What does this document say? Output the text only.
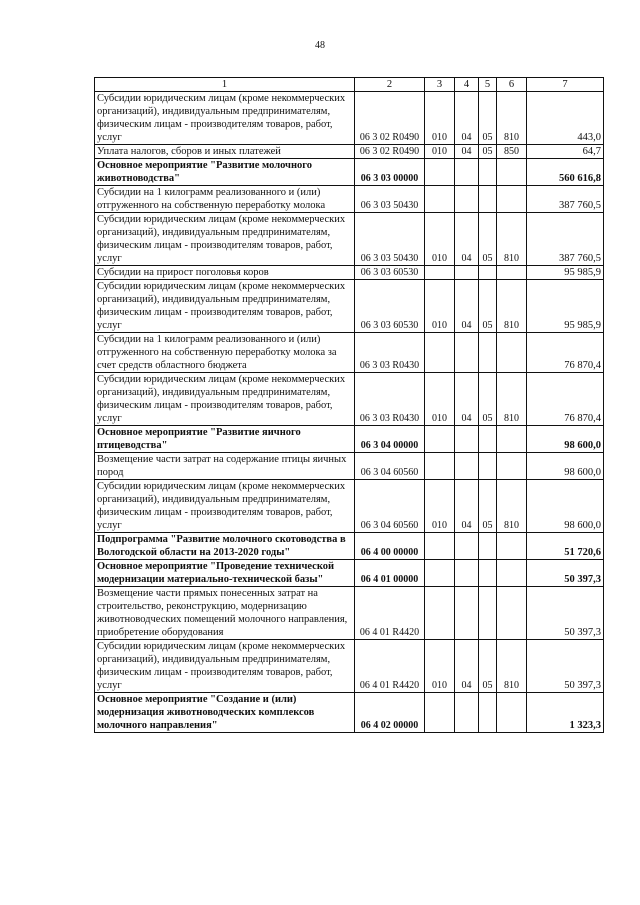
48
1	2	3	4	5	6	7
Субсидии юридическим лицам (кроме некоммерческих организаций), индивидуальным предпринимателям, физическим лицам - производителям товаров, работ, услуг	06 3 02 R0490	010	04	05	810	443,0
Уплата налогов, сборов и иных платежей	06 3 02 R0490	010	04	05	850	64,7
Основное мероприятие "Развитие молочного животноводства"	06 3 03 00000					560 616,8
Субсидии на 1 килограмм реализованного и (или) отгруженного на собственную переработку молока	06 3 03 50430					387 760,5
Субсидии юридическим лицам (кроме некоммерческих организаций), индивидуальным предпринимателям, физическим лицам - производителям товаров, работ, услуг	06 3 03 50430	010	04	05	810	387 760,5
Субсидии на прирост поголовья коров	06 3 03 60530					95 985,9
Субсидии юридическим лицам (кроме некоммерческих организаций), индивидуальным предпринимателям, физическим лицам - производителям товаров, работ, услуг	06 3 03 60530	010	04	05	810	95 985,9
Субсидии на 1 килограмм реализованного и (или) отгруженного на собственную переработку молока за счет средств областного бюджета	06 3 03 R0430					76 870,4
Субсидии юридическим лицам (кроме некоммерческих организаций), индивидуальным предпринимателям, физическим лицам - производителям товаров, работ, услуг	06 3 03 R0430	010	04	05	810	76 870,4
Основное мероприятие "Развитие яичного птицеводства"	06 3 04 00000					98 600,0
Возмещение части затрат на содержание птицы яичных пород	06 3 04 60560					98 600,0
Субсидии юридическим лицам (кроме некоммерческих организаций), индивидуальным предпринимателям, физическим лицам - производителям товаров, работ, услуг	06 3 04 60560	010	04	05	810	98 600,0
Подпрограмма "Развитие молочного скотоводства в Вологодской области на 2013-2020 годы"	06 4 00 00000					51 720,6
Основное мероприятие "Проведение технической модернизации материально-технической базы"	06 4 01 00000					50 397,3
Возмещение части прямых понесенных затрат на строительство, реконструкцию, модернизацию животноводческих помещений молочного направления, приобретение оборудования	06 4 01 R4420					50 397,3
Субсидии юридическим лицам (кроме некоммерческих организаций), индивидуальным предпринимателям, физическим лицам - производителям товаров, работ, услуг	06 4 01 R4420	010	04	05	810	50 397,3
Основное мероприятие "Создание и (или) модернизация животноводческих комплексов молочного направления"	06 4 02 00000					1 323,3
